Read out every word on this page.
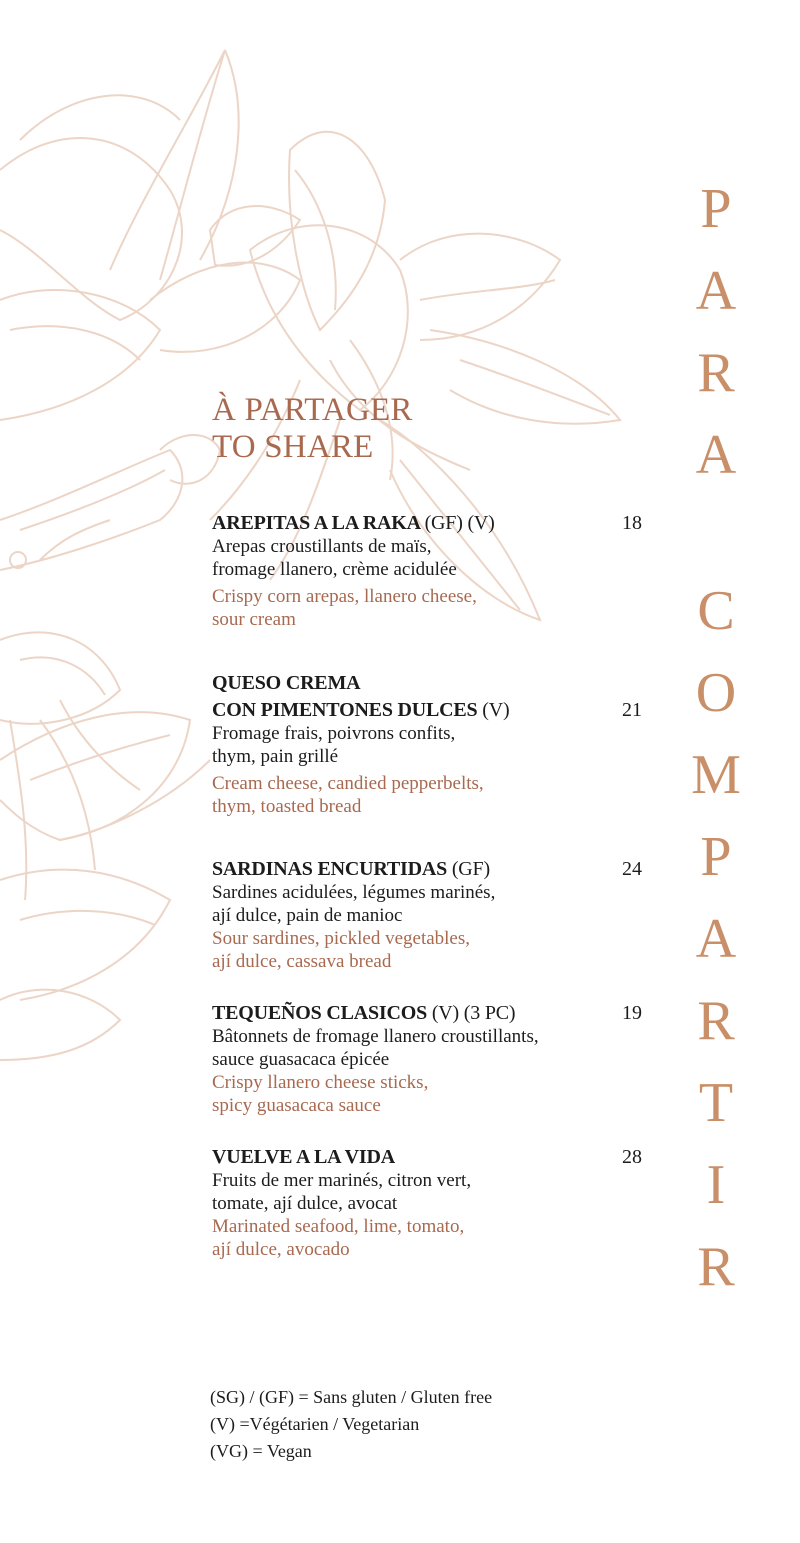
À PARTAGER
TO SHARE
18

AREPITAS A LA RAKA (GF) (V)

Arepas croustillants de maïs,
fromage llanero, crème acidulée
Crispy corn arepas, llanero cheese,
sour cream
21

QUESO CREMA

CON PIMENTONES DULCES (V)

Fromage frais, poivrons confits,
thym, pain grillé
Cream cheese, candied pepperbelts,
thym, toasted bread
24

SARDINAS ENCURTIDAS (GF)

Sardines acidulées, légumes marinés,
ají dulce, pain de manioc
Sour sardines, pickled vegetables,
ají dulce, cassava bread
19

TEQUEÑOS CLASICOS (V) (3 PC)

Bâtonnets de fromage llanero croustillants,
sauce guasacaca épicée
Crispy llanero cheese sticks,
spicy guasacaca sauce
28

VUELVE A LA VIDA

Fruits de mer marinés, citron vert,
tomate, ají dulce, avocat
Marinated seafood, lime, tomato,
ají dulce, avocado
P
A
R
A
C
O
M
P
A
R
T
I
R
(SG) / (GF) = Sans gluten / Gluten free
(V) =Végétarien / Vegetarian
(VG) = Vegan
